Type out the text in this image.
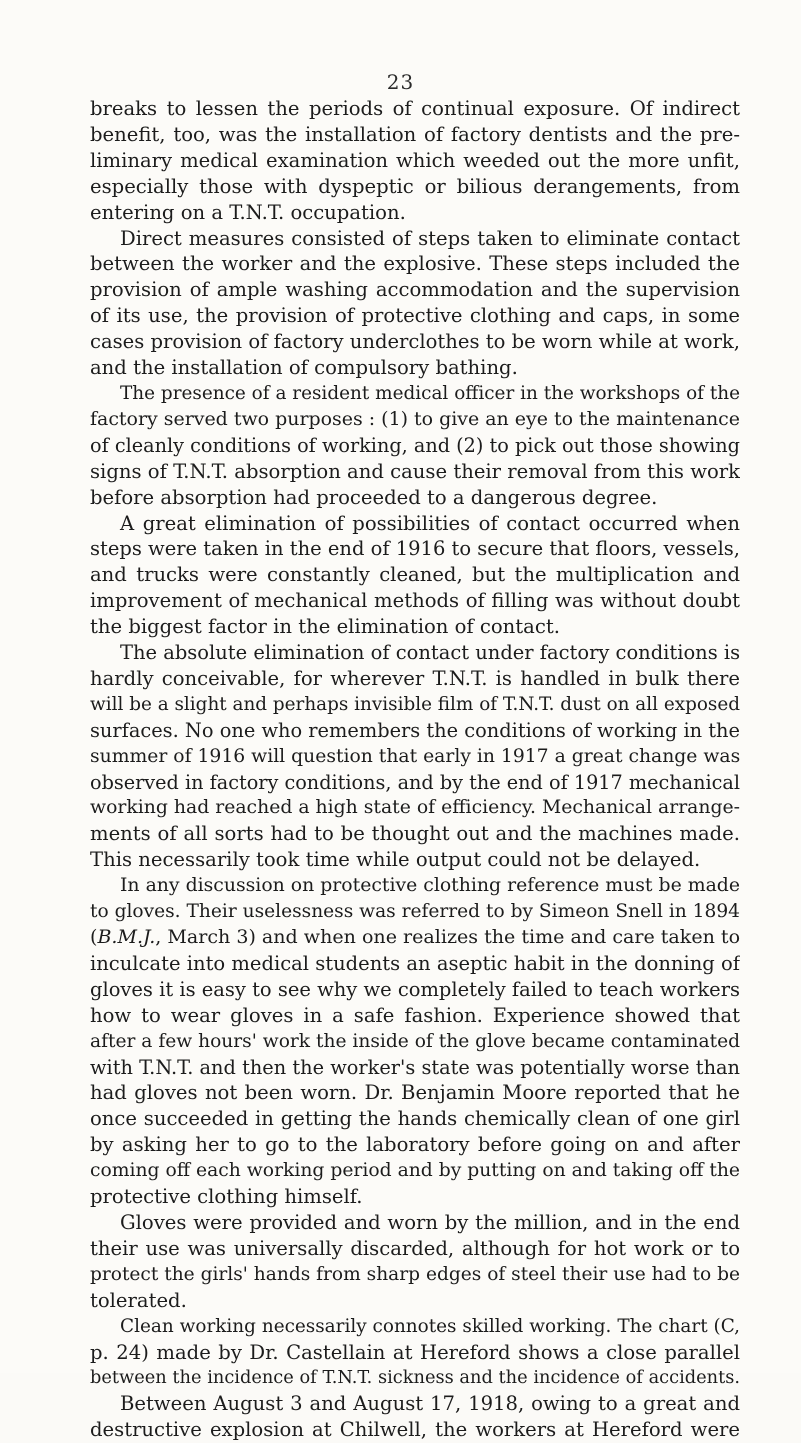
23
breaks to lessen the periods of continual exposure. Of indirect
benefit, too, was the installation of factory dentists and the pre-
liminary medical examination which weeded out the more unfit,
especially those with dyspeptic or bilious derangements, from
entering on a T.N.T. occupation.
Direct measures consisted of steps taken to eliminate contact
between the worker and the explosive. These steps included the
provision of ample washing accommodation and the supervision
of its use, the provision of protective clothing and caps, in some
cases provision of factory underclothes to be worn while at work,
and the installation of compulsory bathing.
The presence of a resident medical officer in the workshops of the
factory served two purposes : (1) to give an eye to the maintenance
of cleanly conditions of working, and (2) to pick out those showing
signs of T.N.T. absorption and cause their removal from this work
before absorption had proceeded to a dangerous degree.
A great elimination of possibilities of contact occurred when
steps were taken in the end of 1916 to secure that floors, vessels,
and trucks were constantly cleaned, but the multiplication and
improvement of mechanical methods of filling was without doubt
the biggest factor in the elimination of contact.
The absolute elimination of contact under factory conditions is
hardly conceivable, for wherever T.N.T. is handled in bulk there
will be a slight and perhaps invisible film of T.N.T. dust on all exposed
surfaces. No one who remembers the conditions of working in the
summer of 1916 will question that early in 1917 a great change was
observed in factory conditions, and by the end of 1917 mechanical
working had reached a high state of efficiency. Mechanical arrange-
ments of all sorts had to be thought out and the machines made.
This necessarily took time while output could not be delayed.
In any discussion on protective clothing reference must be made
to gloves. Their uselessness was referred to by Simeon Snell in 1894
(B.M.J., March 3) and when one realizes the time and care taken to
inculcate into medical students an aseptic habit in the donning of
gloves it is easy to see why we completely failed to teach workers
how to wear gloves in a safe fashion. Experience showed that
after a few hours' work the inside of the glove became contaminated
with T.N.T. and then the worker's state was potentially worse than
had gloves not been worn. Dr. Benjamin Moore reported that he
once succeeded in getting the hands chemically clean of one girl
by asking her to go to the laboratory before going on and after
coming off each working period and by putting on and taking off the
protective clothing himself.
Gloves were provided and worn by the million, and in the end
their use was universally discarded, although for hot work or to
protect the girls' hands from sharp edges of steel their use had to be
tolerated.
Clean working necessarily connotes skilled working. The chart (C,
p. 24) made by Dr. Castellain at Hereford shows a close parallel
between the incidence of T.N.T. sickness and the incidence of accidents.
Between August 3 and August 17, 1918, owing to a great and
destructive explosion at Chilwell, the workers at Hereford were
